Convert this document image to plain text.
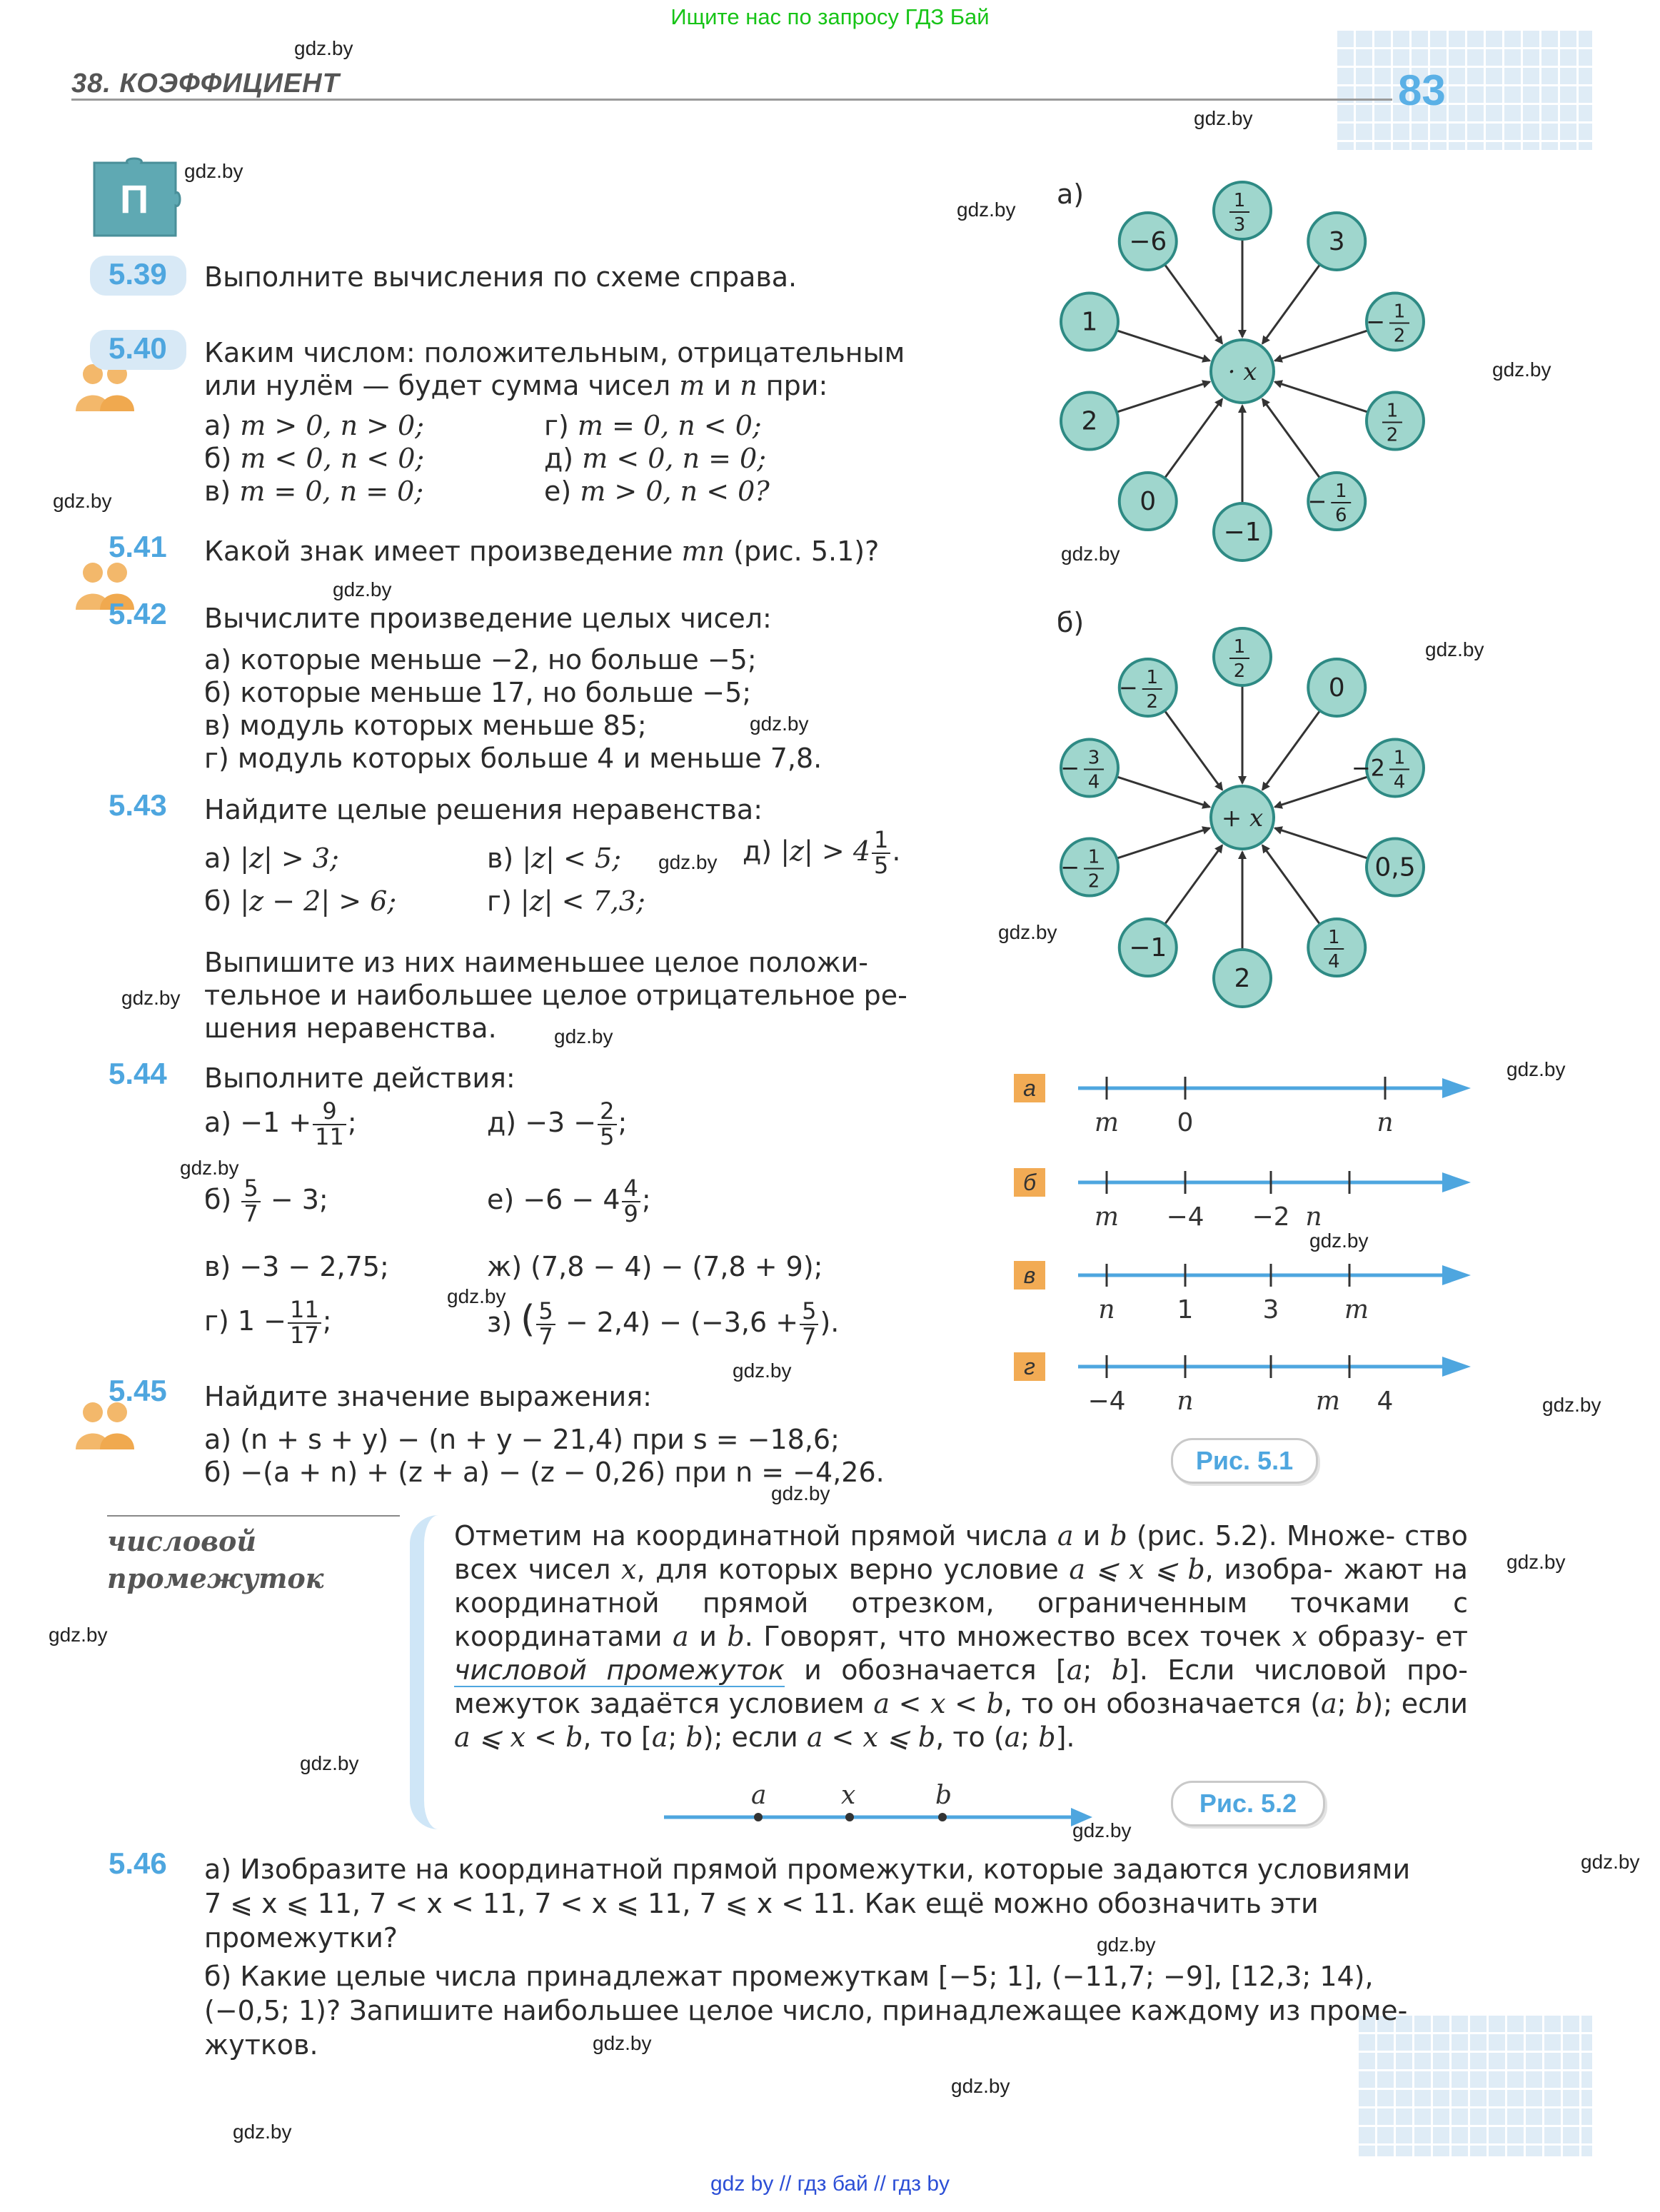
Ищите нас по запросу ГДЗ Бай
gdz by // гдз бай // гдз by
38. КОЭФФИЦИЕНТ	83
П
5.39 Выполните вычисления по схеме справа.
5.40 Каким числом: положительным, отрицательным
или нулём — будет сумма чисел m и n при:
а) m > 0, n > 0;
б) m < 0, n < 0;
в) m = 0, n = 0;
г) m = 0, n < 0;
д) m < 0, n = 0;
е) m > 0, n < 0?
5.41 Какой знак имеет произведение mn (рис. 5.1)?
5.42 Вычислите произведение целых чисел:
а) которые меньше −2, но больше −5;
б) которые меньше 17, но больше −5;
в) модуль которых меньше 85;
г) модуль которых больше 4 и меньше 7,8.
5.43 Найдите целые решения неравенства:
а) |z| > 3;
б) |z − 2| > 6;
в) |z| < 5;
г) |z| < 7,3;
д) $|z| > 4 \frac{1}{5}$ .
Выпишите из них наименьшее целое положи-
тельное и наибольшее целое отрицательное ре-
шения неравенства.
5.44 Выполните действия:
$а) -1 + \frac{9}{11}$ ;
$б) \frac{5}{7} - 3$;
в) −3 − 2,75;
г) $1 - \frac{11}{17}$ ;
$д) -3 - \frac{2}{5}$ ;
$е) -6 - 4 \frac{4}{9}$ ;
ж) (7,8 − 4) − (7,8 + 9);
з) ( $\frac{5}{7} - 2,4) - (-3,6 + \frac{5}{7}$ ).
5.45 Найдите значение выражения:
а) (n + s + y) − (n + y − 21,4) при s = −18,6;
б) −(a + n) + (z + a) − (z − 0,26) при n = −4,26.
числовой
промежуток
Отметим на координатной прямой числа a и b (рис. 5.2). Множе- ство всех чисел x, для которых верно условие a ⩽ x ⩽ b, изобра- жают на координатной прямой отрезком, ограниченным точками с координатами a и b. Говорят, что множество всех точек x образу- ет числовой промежуток и обозначается [a; b]. Если числовой про- межуток задаётся условием a < x < b, то он обозначается (a; b); если a ⩽ x < b, то [a; b); если a < x ⩽ b, то (a; b].
a	x	b	Рис. 5.2
5.46 а) Изобразите на координатной прямой промежутки, которые задаются условиями
7 ⩽ x ⩽ 11, 7 < x < 11, 7 < x ⩽ 11, 7 ⩽ x < 11. Как ещё можно обозначить эти
промежутки?
б) Какие целые числа принадлежат промежуткам [−5; 1], (−11,7; −9], [12,3; 14),
(−0,5; 1)? Запишите наибольшее целое число, принадлежащее каждому из проме-
жутков.
а)	1
3
3
− 1
2
1
2
− 1
6
−1
0
2
1
−6
· x
б)
1
2
0
−2 1
4
0,5
1
4
2
−1
− 1
2
− 3
4
− 1
2
+ x
а
m 0	n
б
m −4 −2 n
в
n 1	3	m
г
−4 n	m 4
Рис. 5.1
gdz.by
gdz.by
gdz.by
gdz.by
gdz.by
gdz.by
gdz.by
gdz.by
gdz.by
gdz.by
gdz.by
gdz.by
gdz.by
gdz.by
gdz.by
gdz.by
gdz.by
gdz.by
gdz.by
gdz.by
gdz.by
gdz.by
gdz.by
gdz.by
gdz.by
gdz.by
gdz.by
gdz.by
gdz.by
gdz.by
